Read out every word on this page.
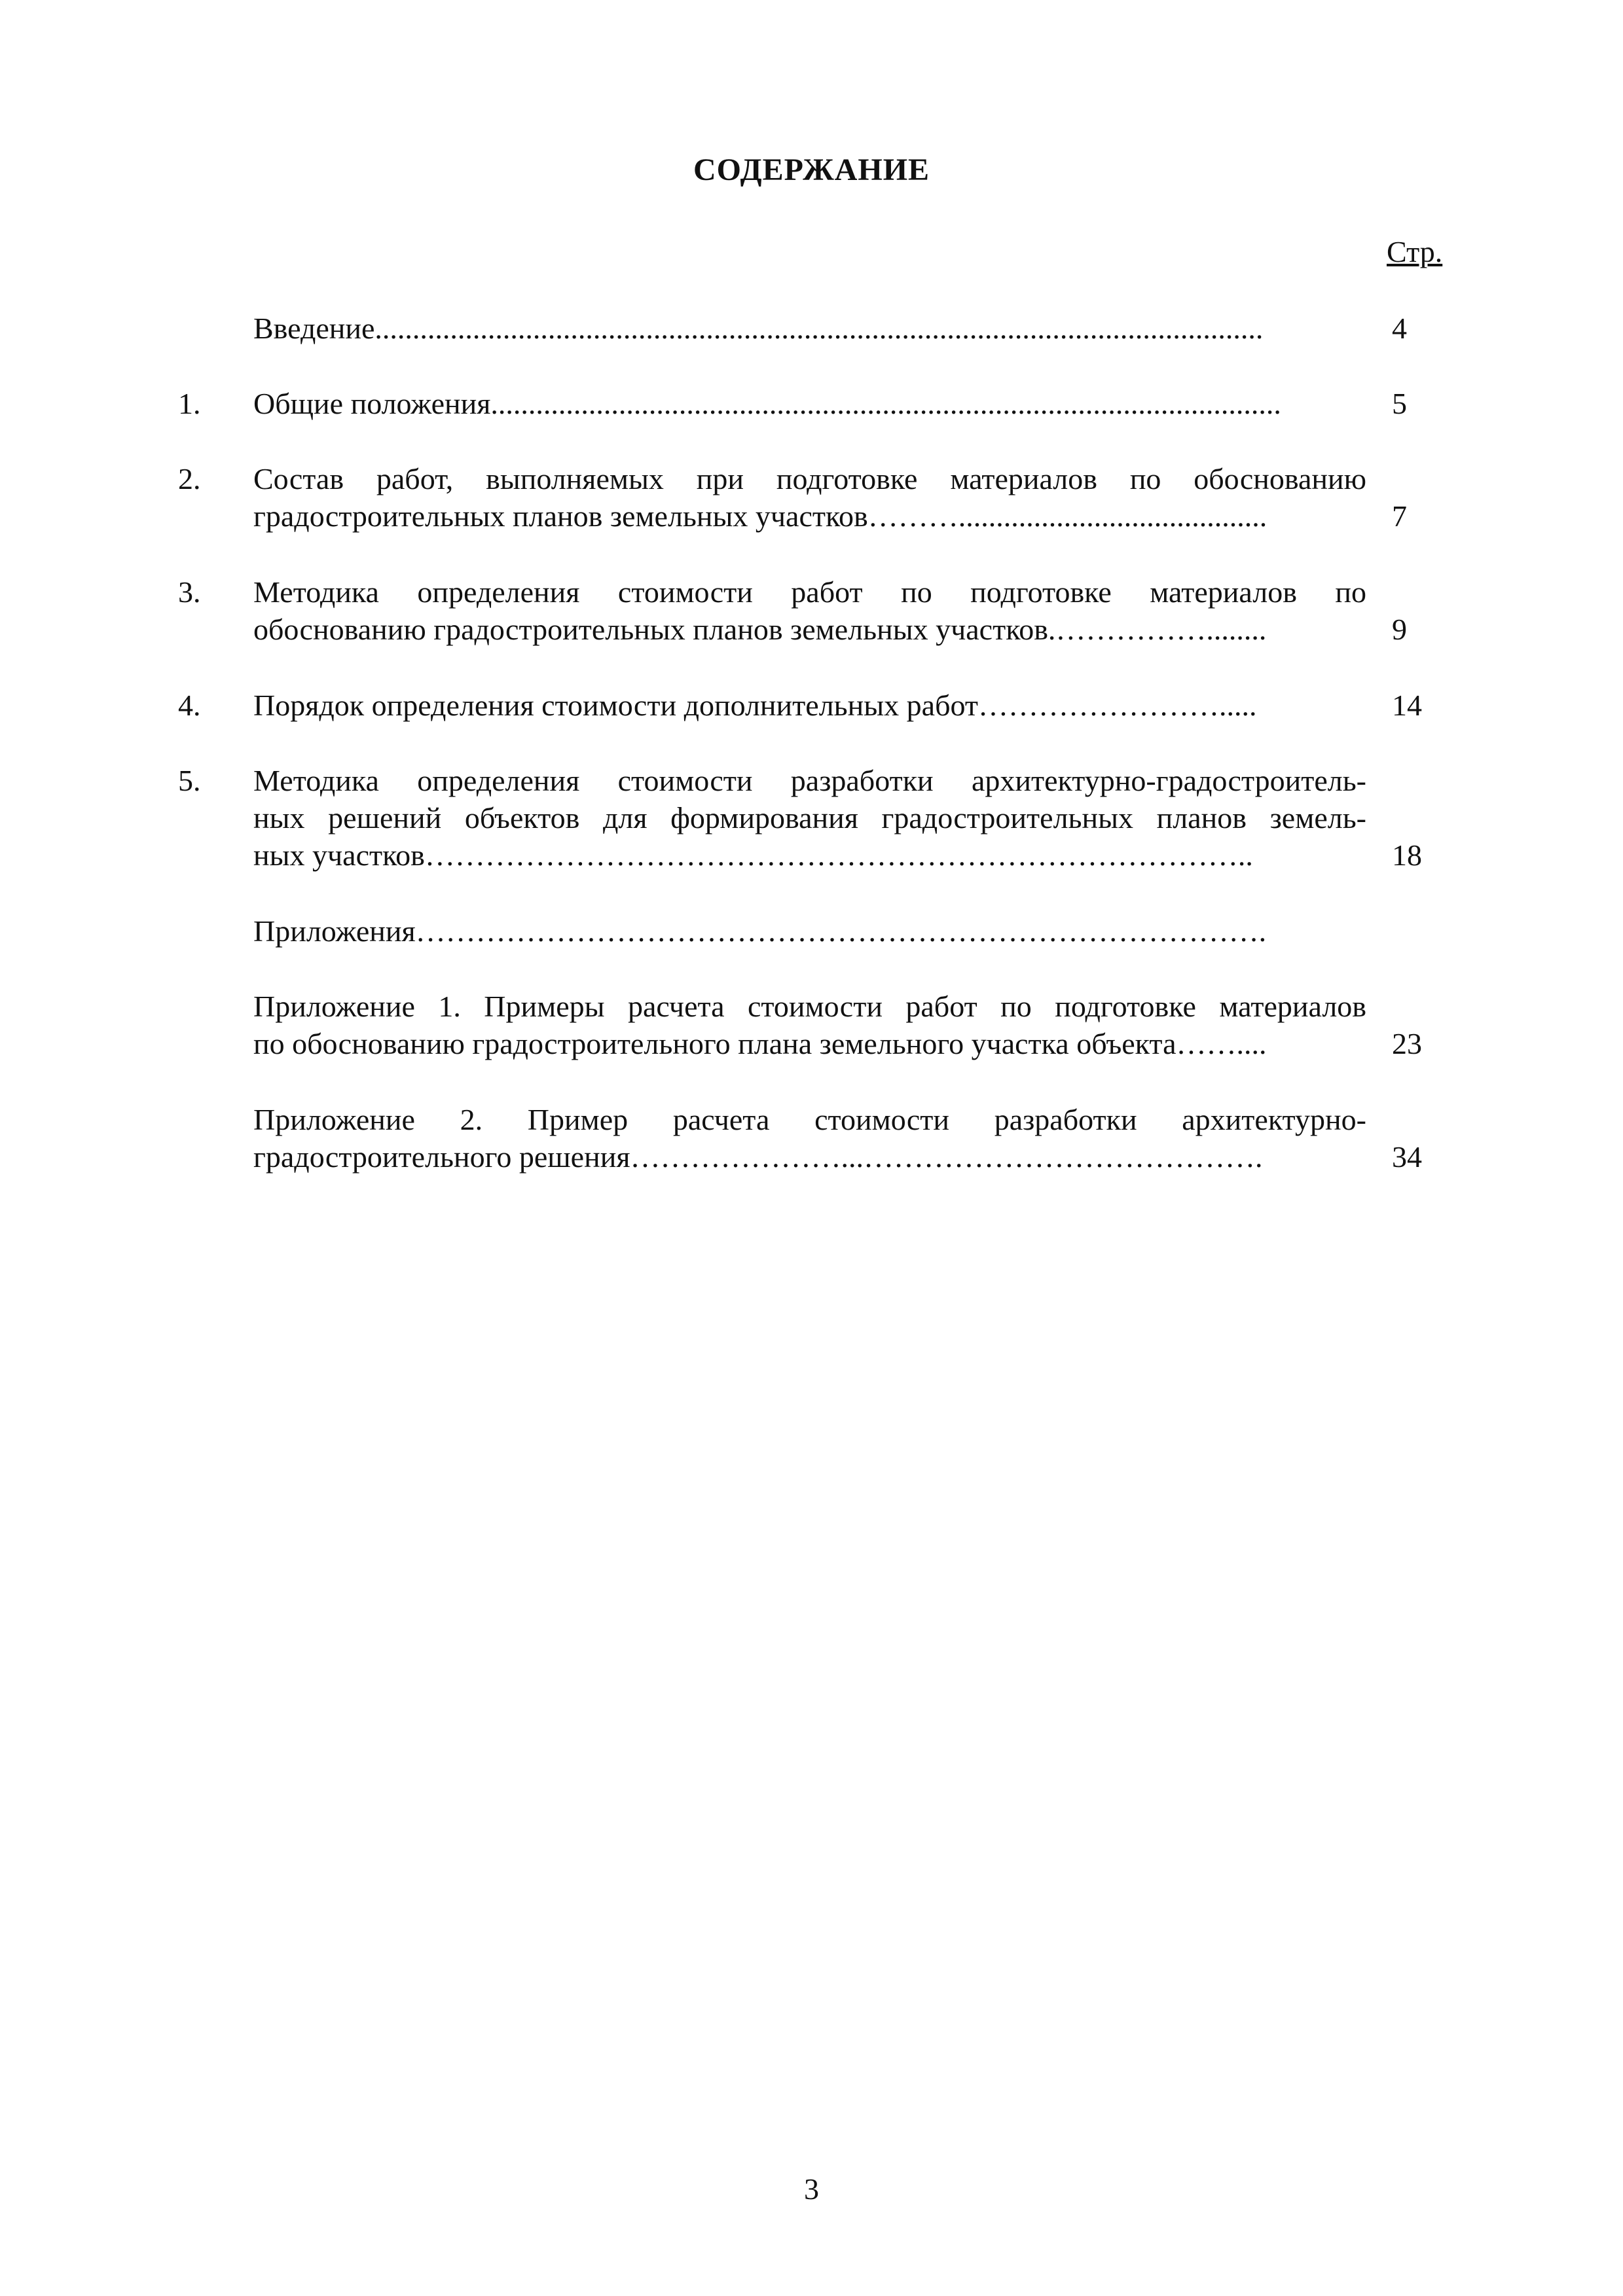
СОДЕРЖАНИЕ
Стр.
Введение......................................................................................................................	4
1. Общие положения.........................................................................................................	5
2. Состав работ, выполняемых при подготовке материалов по обоснованию
градостроительных планов земельных участков……….........................................	7
3. Методика определения стоимости работ по подготовке материалов по
обоснованию градостроительных планов земельных участков.……………........	9
4. Порядок определения стоимости дополнительных работ…………………….....	14
5. Методика определения стоимости разработки архитектурно-градостроитель-
ных решений объектов для формирования градостроительных планов земель-
ных участков………………………………………………………………………..	18
Приложения………………………………………………………………………….
Приложение 1. Примеры расчета стоимости работ по подготовке материалов
по обоснованию градостроительного плана земельного участка объекта……....	23
Приложение 2. Пример расчета стоимости разработки архитектурно-
градостроительного решения…………………...………………………………….	34
3
